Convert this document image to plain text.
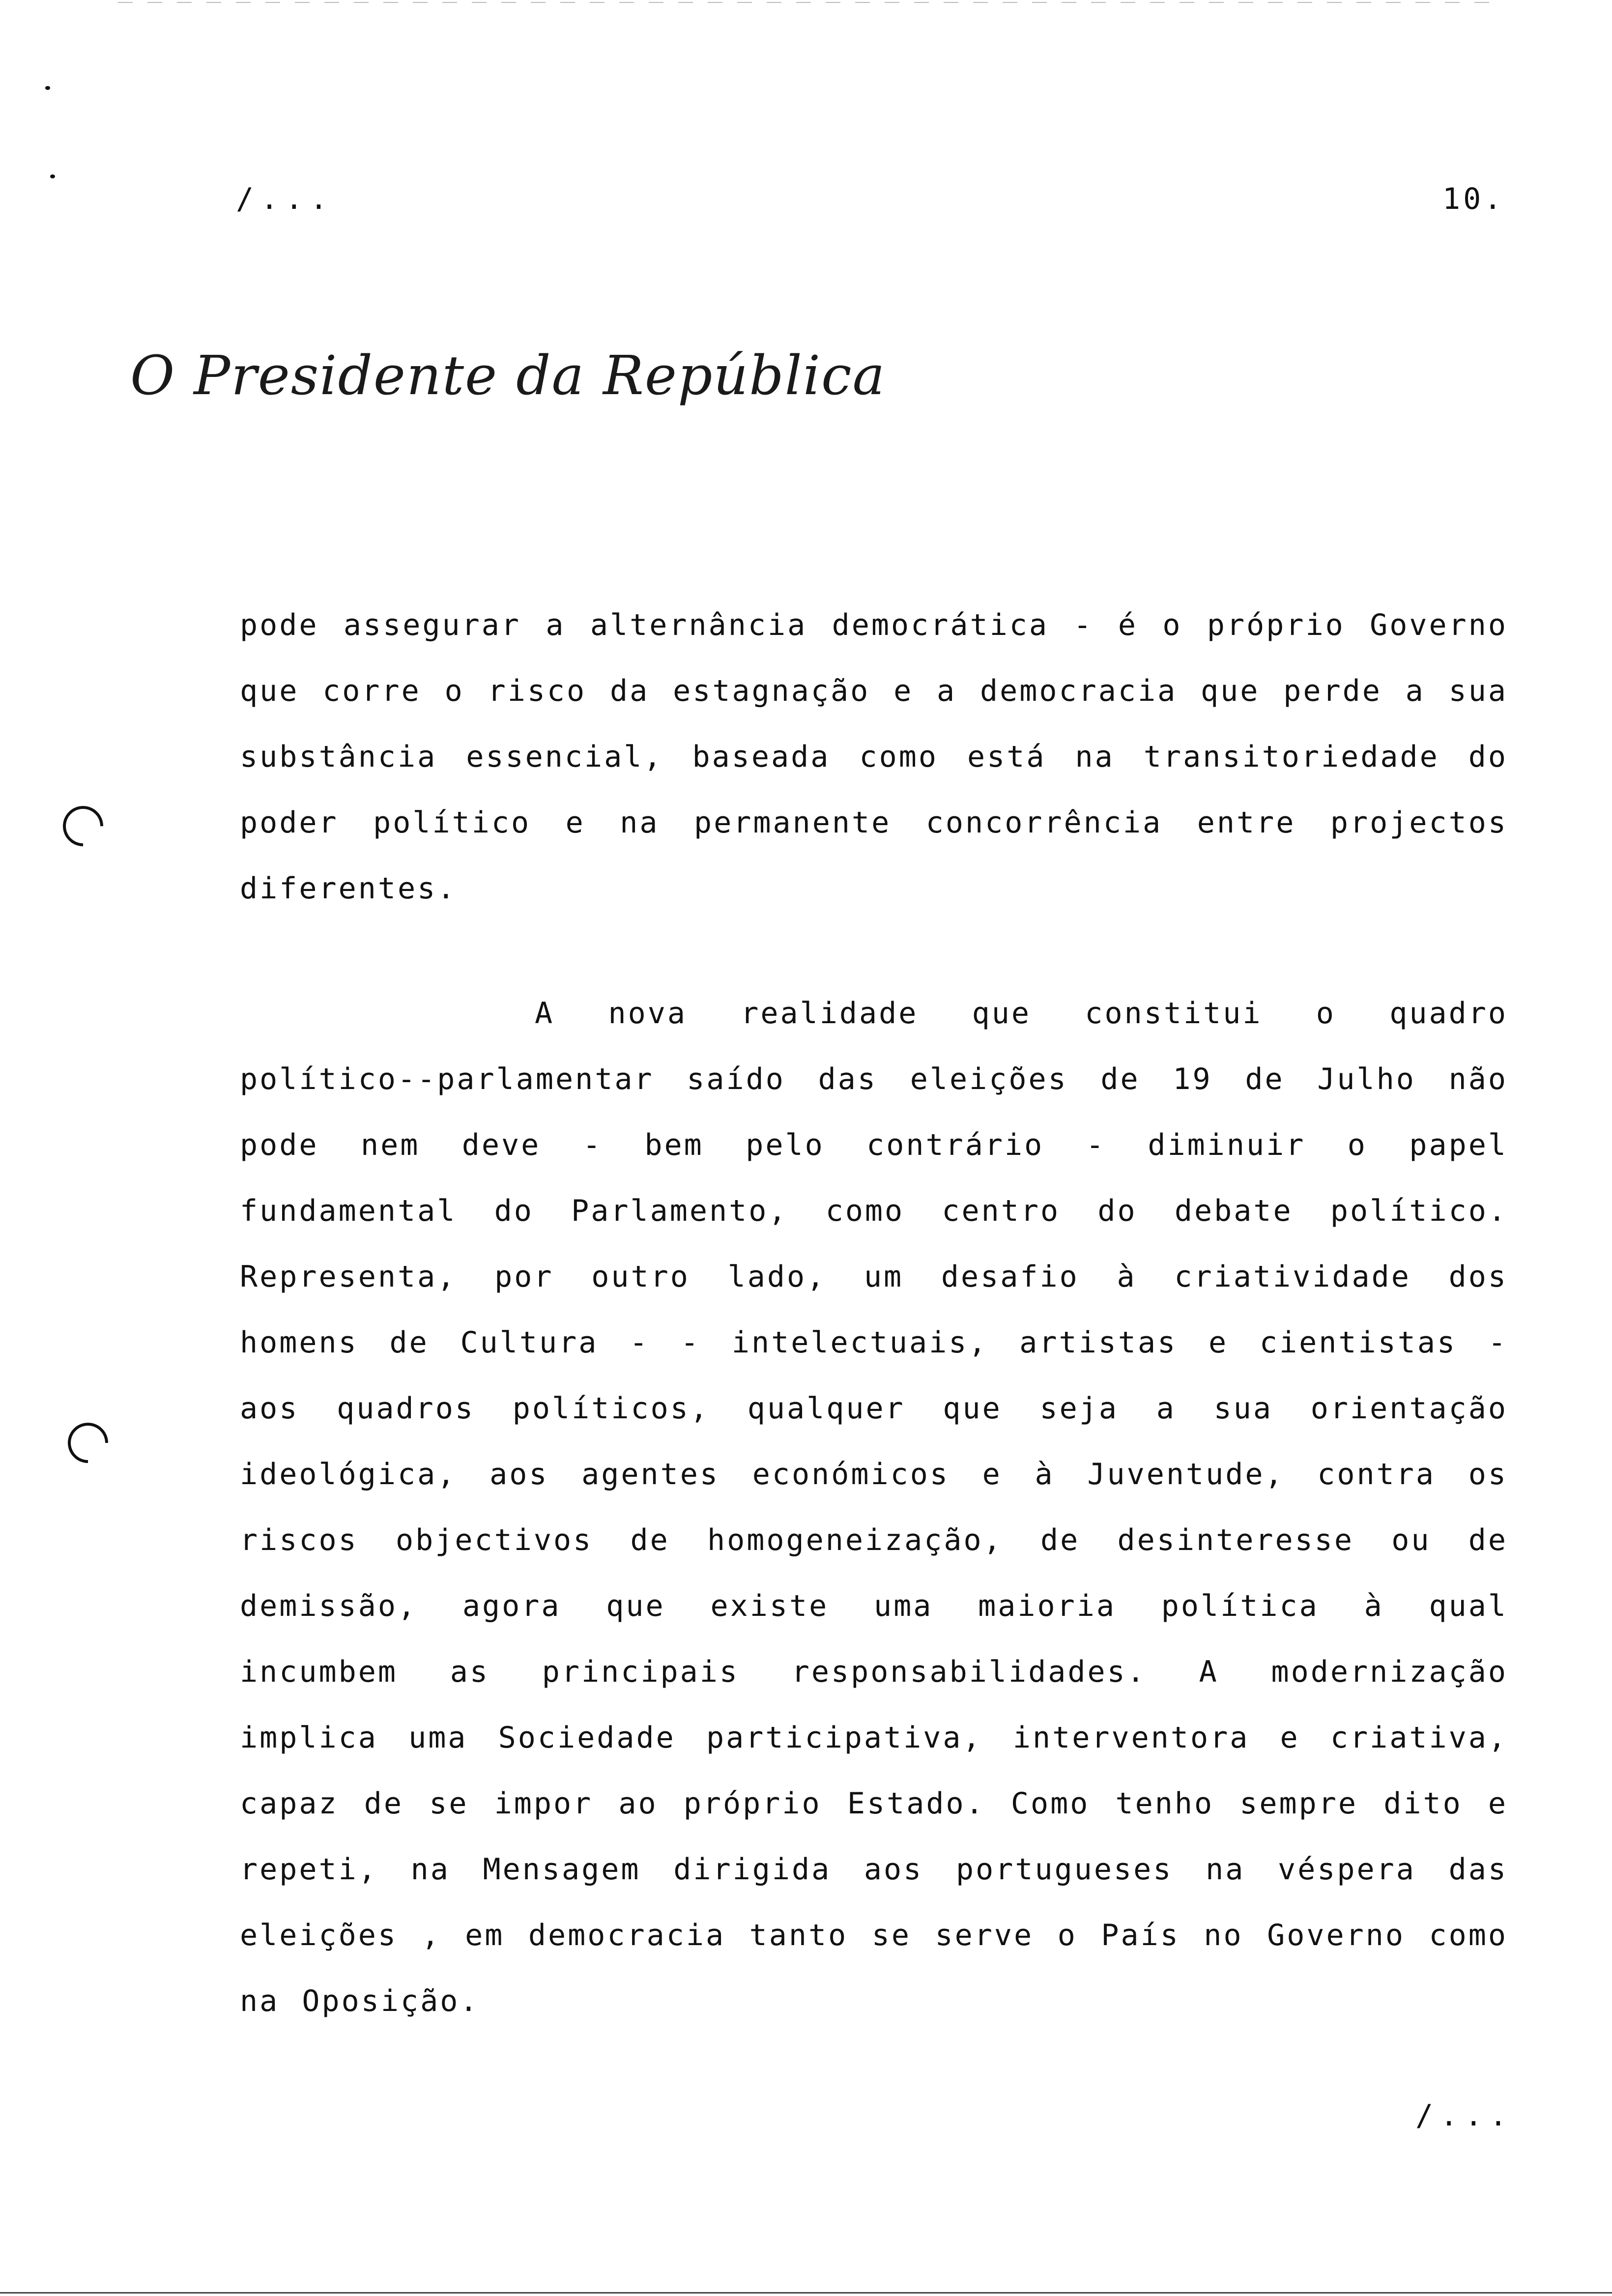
/...	10.
O Presidente da República
pode assegurar a alternância democrática - é o próprio Governo que corre o risco da estagnação e a democracia que perde a sua substância essencial, baseada como está na transitoriedade do poder político e na permanente concorrência entre projectos diferentes.
A nova realidade que constitui o quadro político--parlamentar saído das eleições de 19 de Julho não pode nem deve - bem pelo contrário - diminuir o papel fundamental do Parlamento, como centro do debate político. Representa, por outro lado, um desafio à criatividade dos homens de Cultura - - intelectuais, artistas e cientistas - aos quadros políticos, qualquer que seja a sua orientação ideológica, aos agentes económicos e à Juventude, contra os riscos objectivos de homogeneização, de desinteresse ou de demissão, agora que existe uma maioria política à qual incumbem as principais responsabilidades. A modernização implica uma Sociedade participativa, interventora e criativa, capaz de se impor ao próprio Estado. Como tenho sempre dito e repeti, na Mensagem dirigida aos portugueses na véspera das eleições , em democracia tanto se serve o País no Governo como na Oposição.
/...
